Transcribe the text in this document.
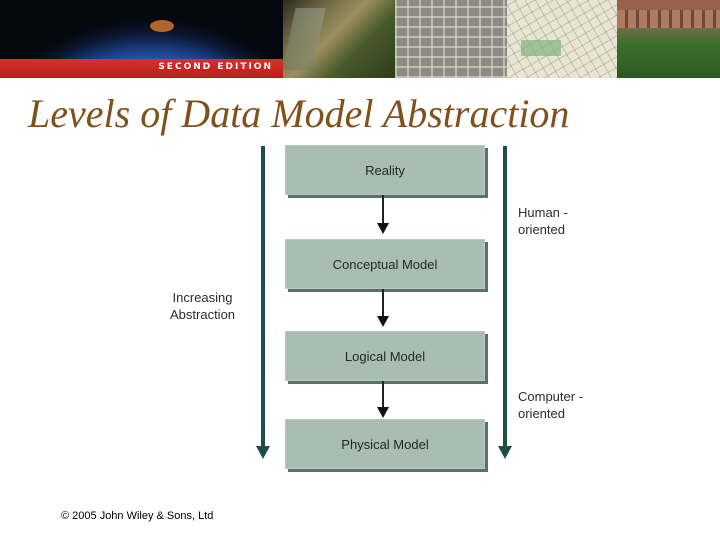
SECOND EDITION
Levels of Data Model Abstraction
Reality
Conceptual Model
Logical Model
Physical Model
Increasing
Abstraction
Human -
oriented
Computer -
oriented
© 2005 John Wiley & Sons, Ltd
